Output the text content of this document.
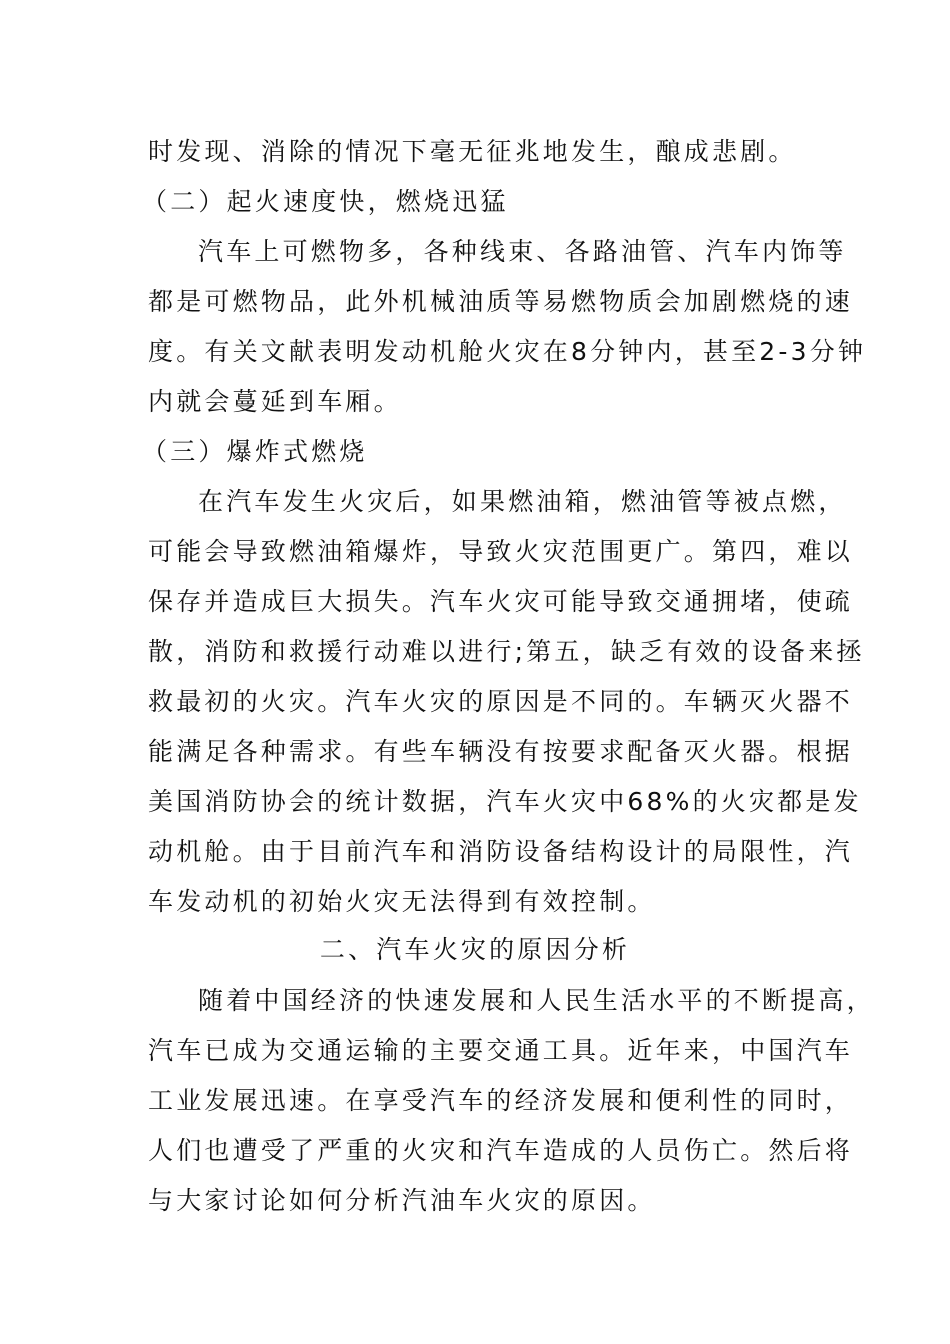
时发现、消除的情况下毫无征兆地发生，酿成悲剧。
（二）起火速度快，燃烧迅猛
汽车上可燃物多，各种线束、各路油管、汽车内饰等
都是可燃物品，此外机械油质等易燃物质会加剧燃烧的速
度。有关文献表明发动机舱火灾在8分钟内，甚至2-3分钟
内就会蔓延到车厢。
（三）爆炸式燃烧
在汽车发生火灾后，如果燃油箱，燃油管等被点燃，
可能会导致燃油箱爆炸，导致火灾范围更广。第四，难以
保存并造成巨大损失。汽车火灾可能导致交通拥堵，使疏
散，消防和救援行动难以进行;第五，缺乏有效的设备来拯
救最初的火灾。汽车火灾的原因是不同的。车辆灭火器不
能满足各种需求。有些车辆没有按要求配备灭火器。根据
美国消防协会的统计数据，汽车火灾中68%的火灾都是发
动机舱。由于目前汽车和消防设备结构设计的局限性，汽
车发动机的初始火灾无法得到有效控制。
二、汽车火灾的原因分析
随着中国经济的快速发展和人民生活水平的不断提高，
汽车已成为交通运输的主要交通工具。近年来，中国汽车
工业发展迅速。在享受汽车的经济发展和便利性的同时，
人们也遭受了严重的火灾和汽车造成的人员伤亡。然后将
与大家讨论如何分析汽油车火灾的原因。
